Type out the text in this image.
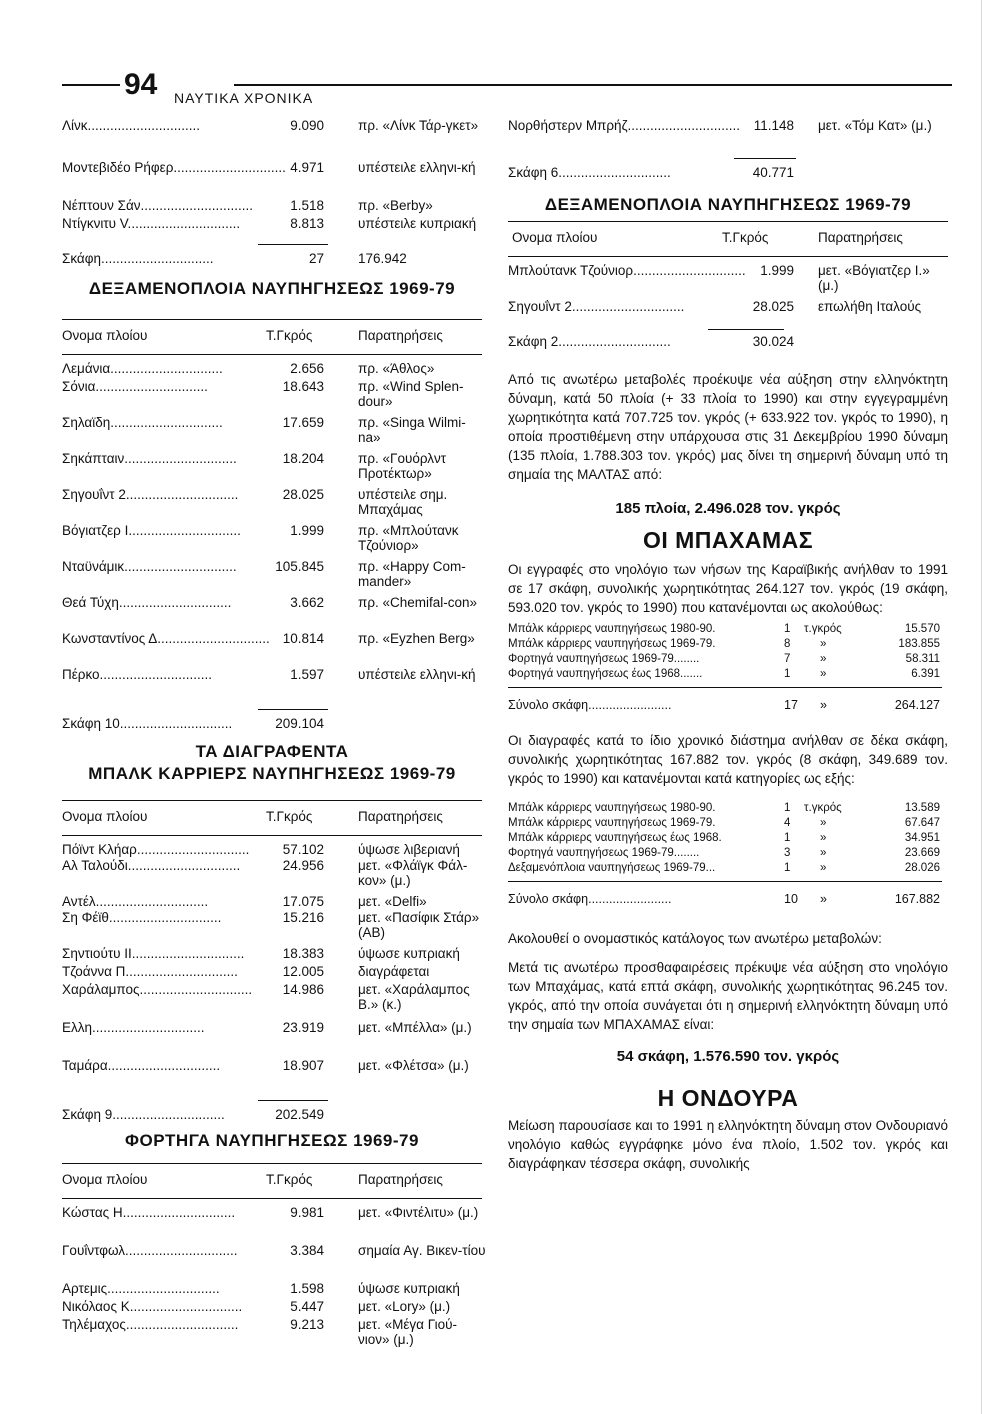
94 ΝΑΥΤΙΚΑ ΧΡΟΝΙΚΑ
Λίνκ..............................	9.090	πρ. «Λίνκ Τάρ-γκετ»
Μοντεβιδέο Ρήφερ.............................. 4.971	υπέστειλε ελληνι-κή
Νέπτουν Σάν..............................	1.518	πρ. «Berby»
Ντίγκνιτυ V..............................	8.813	υπέστειλε κυπριακή
Σκάφη..............................	27	176.942
ΔΕΞΑΜΕΝΟΠΛΟΙΑ ΝΑΥΠΗΓΗΣΕΩΣ 1969-79
Ονομα πλοίου	Τ.Γκρός	Παρατηρήσεις
Λεμάνια..............................	2.656	πρ. «Άθλος»
Σόνια..............................	18.643	πρ. «Wind Splen-dour»
Σηλαϊδη..............................	17.659	πρ. «Singa Wilmi-na»
Σηκάπταιν..............................	18.204	πρ. «Γουόρλντ Προτέκτωρ»
Σηγουΐντ 2..............................	28.025	υπέστειλε σημ. Μπαχάμας
Βόγιατζερ Ι..............................	1.999	πρ. «Μπλούτανκ Τζούνιορ»
Νταϋνάμικ..............................	105.845	πρ. «Happy Com-mander»
Θεά Τύχη..............................	3.662	πρ. «Chemifal-con»
Κωνσταντίνος Δ.............................. 10.814	πρ. «Eyzhen Berg»
Πέρκο..............................	1.597	υπέστειλε ελληνι-κή
Σκάφη 10..............................	209.104
ΤΑ ΔΙΑΓΡΑΦΕΝΤΑ
ΜΠΑΛΚ ΚΑΡΡΙΕΡΣ ΝΑΥΠΗΓΗΣΕΩΣ 1969-79
Ονομα πλοίου	Τ.Γκρός	Παρατηρήσεις
Πόϊντ Κλήαρ..............................	57.102	ύψωσε λιβεριανή
Αλ Ταλούδι..............................	24.956	μετ. «Φλάϊγκ Φάλ-κον» (μ.)
Αντέλ..............................	17.075	μετ. «Delfi»
Ση Φέϊθ..............................	15.216	μετ. «Πασίφικ Στάρ» (ΑΒ)
Σηντιούτυ ΙΙ..............................	18.383	ύψωσε κυπριακή
Τζοάννα Π..............................	12.005	διαγράφεται
Χαράλαμπος..............................	14.986	μετ. «Χαράλαμπος Β.» (κ.)
Ελλη..............................	23.919	μετ. «Μπέλλα» (μ.)
Ταμάρα..............................	18.907	μετ. «Φλέτσα» (μ.)
Σκάφη 9..............................	202.549
ΦΟΡΤΗΓΑ ΝΑΥΠΗΓΗΣΕΩΣ 1969-79
Ονομα πλοίου	Τ.Γκρός	Παρατηρήσεις
Κώστας Η..............................	9.981	μετ. «Φιντέλιτυ» (μ.)
Γουΐντφωλ..............................	3.384	σημαία Αγ. Βικεν-τίου
Αρτεμις..............................	1.598	ύψωσε κυπριακή
Νικόλαος Κ..............................	5.447	μετ. «Lory» (μ.)
Τηλέμαχος..............................	9.213	μετ. «Μέγα Γιού-νιον» (μ.)
Νορθήστερν Μπρήζ..............................	11.148 μετ. «Τόμ Κατ» (μ.)
Σκάφη 6..............................	40.771
ΔΕΞΑΜΕΝΟΠΛΟΙΑ ΝΑΥΠΗΓΗΣΕΩΣ 1969-79
Ονομα πλοίου	Τ.Γκρός	Παρατηρήσεις
Μπλούτανκ Τζούνιορ..............................	1.999 μετ. «Βόγιατζερ Ι.» (μ.)
Σηγουΐντ 2..............................	28.025 επωλήθη Ιταλούς
Σκάφη 2..............................	30.024
Από τις ανωτέρω μεταβολές προέκυψε νέα αύξηση στην ελληνόκτητη δύναμη, κατά 50 πλοία (+ 33 πλοία το 1990) και στην εγγεγραμμένη χωρητικότητα κατά 707.725 τον. γκρός (+ 633.922 τον. γκρός το 1990), η οποία προστιθέμενη στην υπάρχουσα στις 31 Δεκεμβρίου 1990 δύναμη (135 πλοία, 1.788.303 τον. γκρός) μας δίνει τη σημερινή δύναμη υπό τη σημαία της ΜΑΛΤΑΣ από:
185 πλοία, 2.496.028 τον. γκρός
ΟΙ ΜΠΑΧΑΜΑΣ
Οι εγγραφές στο νηολόγιο των νήσων της Καραϊβικής ανήλθαν το 1991 σε 17 σκάφη, συνολικής χωρητικότητας 264.127 τον. γκρός (19 σκάφη, 593.020 τον. γκρός το 1990) που κατανέμονται ως ακολούθως:
Μπάλκ κάρριερς ναυπηγήσεως 1980-90.	1 τ.γκρός	15.570
Μπάλκ κάρριερς ναυπηγήσεως 1969-79.	8	»	183.855
Φορτηγά ναυπηγήσεως 1969-79........	7	»	58.311
Φορτηγά ναυπηγήσεως έως 1968.......	1	»	6.391
Σύνολο σκάφη........................	17 »	264.127
Οι διαγραφές κατά το ίδιο χρονικό διάστημα ανήλθαν σε δέκα σκάφη, συνολικής χωρητικότητας 167.882 τον. γκρός (8 σκάφη, 349.689 τον. γκρός το 1990) και κατανέμονται κατά κατηγορίες ως εξής:
Μπάλκ κάρριερς ναυπηγήσεως 1980-90.	1 τ.γκρός	13.589
Μπάλκ κάρριερς ναυπηγήσεως 1969-79.	4	»	67.647
Μπάλκ κάρριερς ναυπηγήσεως έως 1968.	1	»	34.951
Φορτηγά ναυπηγήσεως 1969-79........	3	»	23.669
Δεξαμενόπλοια ναυπηγήσεως 1969-79...	1	»	28.026
Σύνολο σκάφη........................	10 »	167.882
Ακολουθεί ο ονομαστικός κατάλογος των ανωτέρω μεταβολών:
Μετά τις ανωτέρω προσθαφαιρέσεις πρέκυψε νέα αύξηση στο νηολόγιο των Μπαχάμας, κατά επτά σκάφη, συνολικής χωρητικότητας 96.245 τον. γκρός, από την οποία συνάγεται ότι η σημερινή ελληνόκτητη δύναμη υπό την σημαία των ΜΠΑΧΑΜΑΣ είναι:
54 σκάφη, 1.576.590 τον. γκρός
Η ΟΝΔΟΥΡΑ
Μείωση παρουσίασε και το 1991 η ελληνόκτητη δύναμη στον Ονδουριανό νηολόγιο καθώς εγγράφηκε μόνο ένα πλοίο, 1.502 τον. γκρός και διαγράφηκαν τέσσερα σκάφη, συνολικής
